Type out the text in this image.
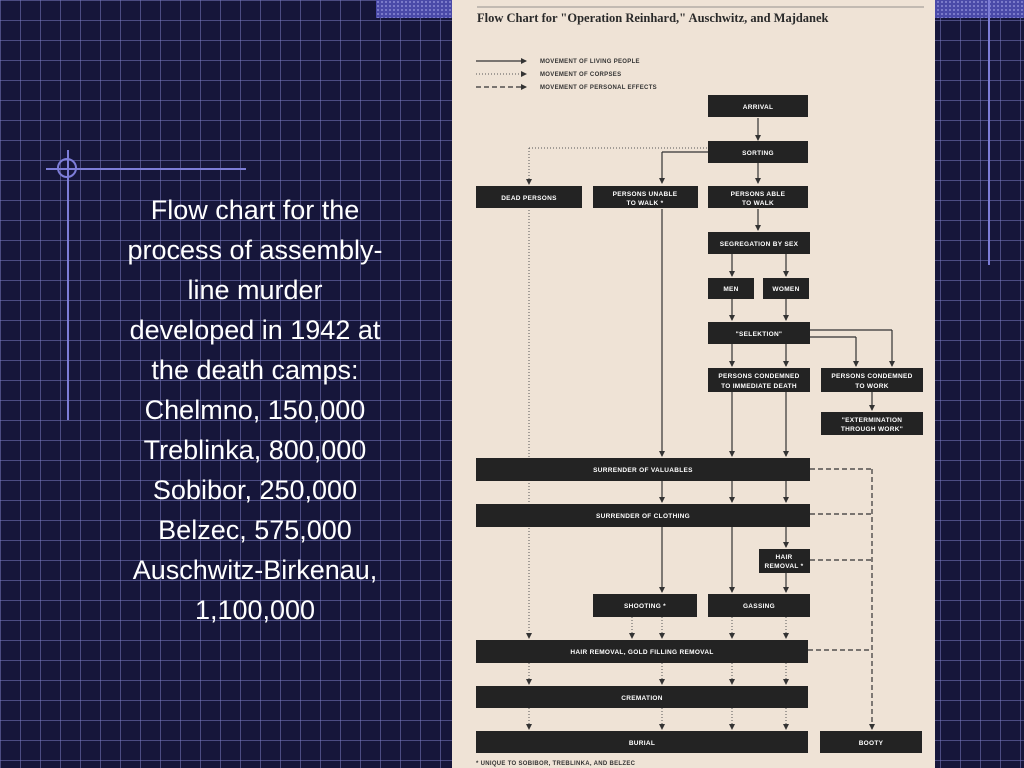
Flow chart for the
process of assembly-
line murder
developed in 1942 at
the death camps:
Chelmno, 150,000
Treblinka, 800,000
Sobibor, 250,000
Belzec, 575,000
Auschwitz-Birkenau,
1,100,000

Flow Chart for "Operation Reinhard," Auschwitz, and Majdanek
MOVEMENT OF LIVING PEOPLE
MOVEMENT OF CORPSES
MOVEMENT OF PERSONAL EFFECTS
ARRIVAL
SORTING
DEAD PERSONS
PERSONS UNABLE
TO WALK *
PERSONS ABLE
TO WALK
SEGREGATION BY SEX
MEN	WOMEN
"SELEKTION"
PERSONS CONDEMNED
TO IMMEDIATE DEATH
PERSONS CONDEMNED
TO WORK
"EXTERMINATION
THROUGH WORK"
SURRENDER OF VALUABLES
SURRENDER OF CLOTHING
HAIR
REMOVAL *
SHOOTING *	GASSING
HAIR REMOVAL, GOLD FILLING REMOVAL
CREMATION
BURIAL	BOOTY
* UNIQUE TO SOBIBOR, TREBLINKA, AND BELZEC
